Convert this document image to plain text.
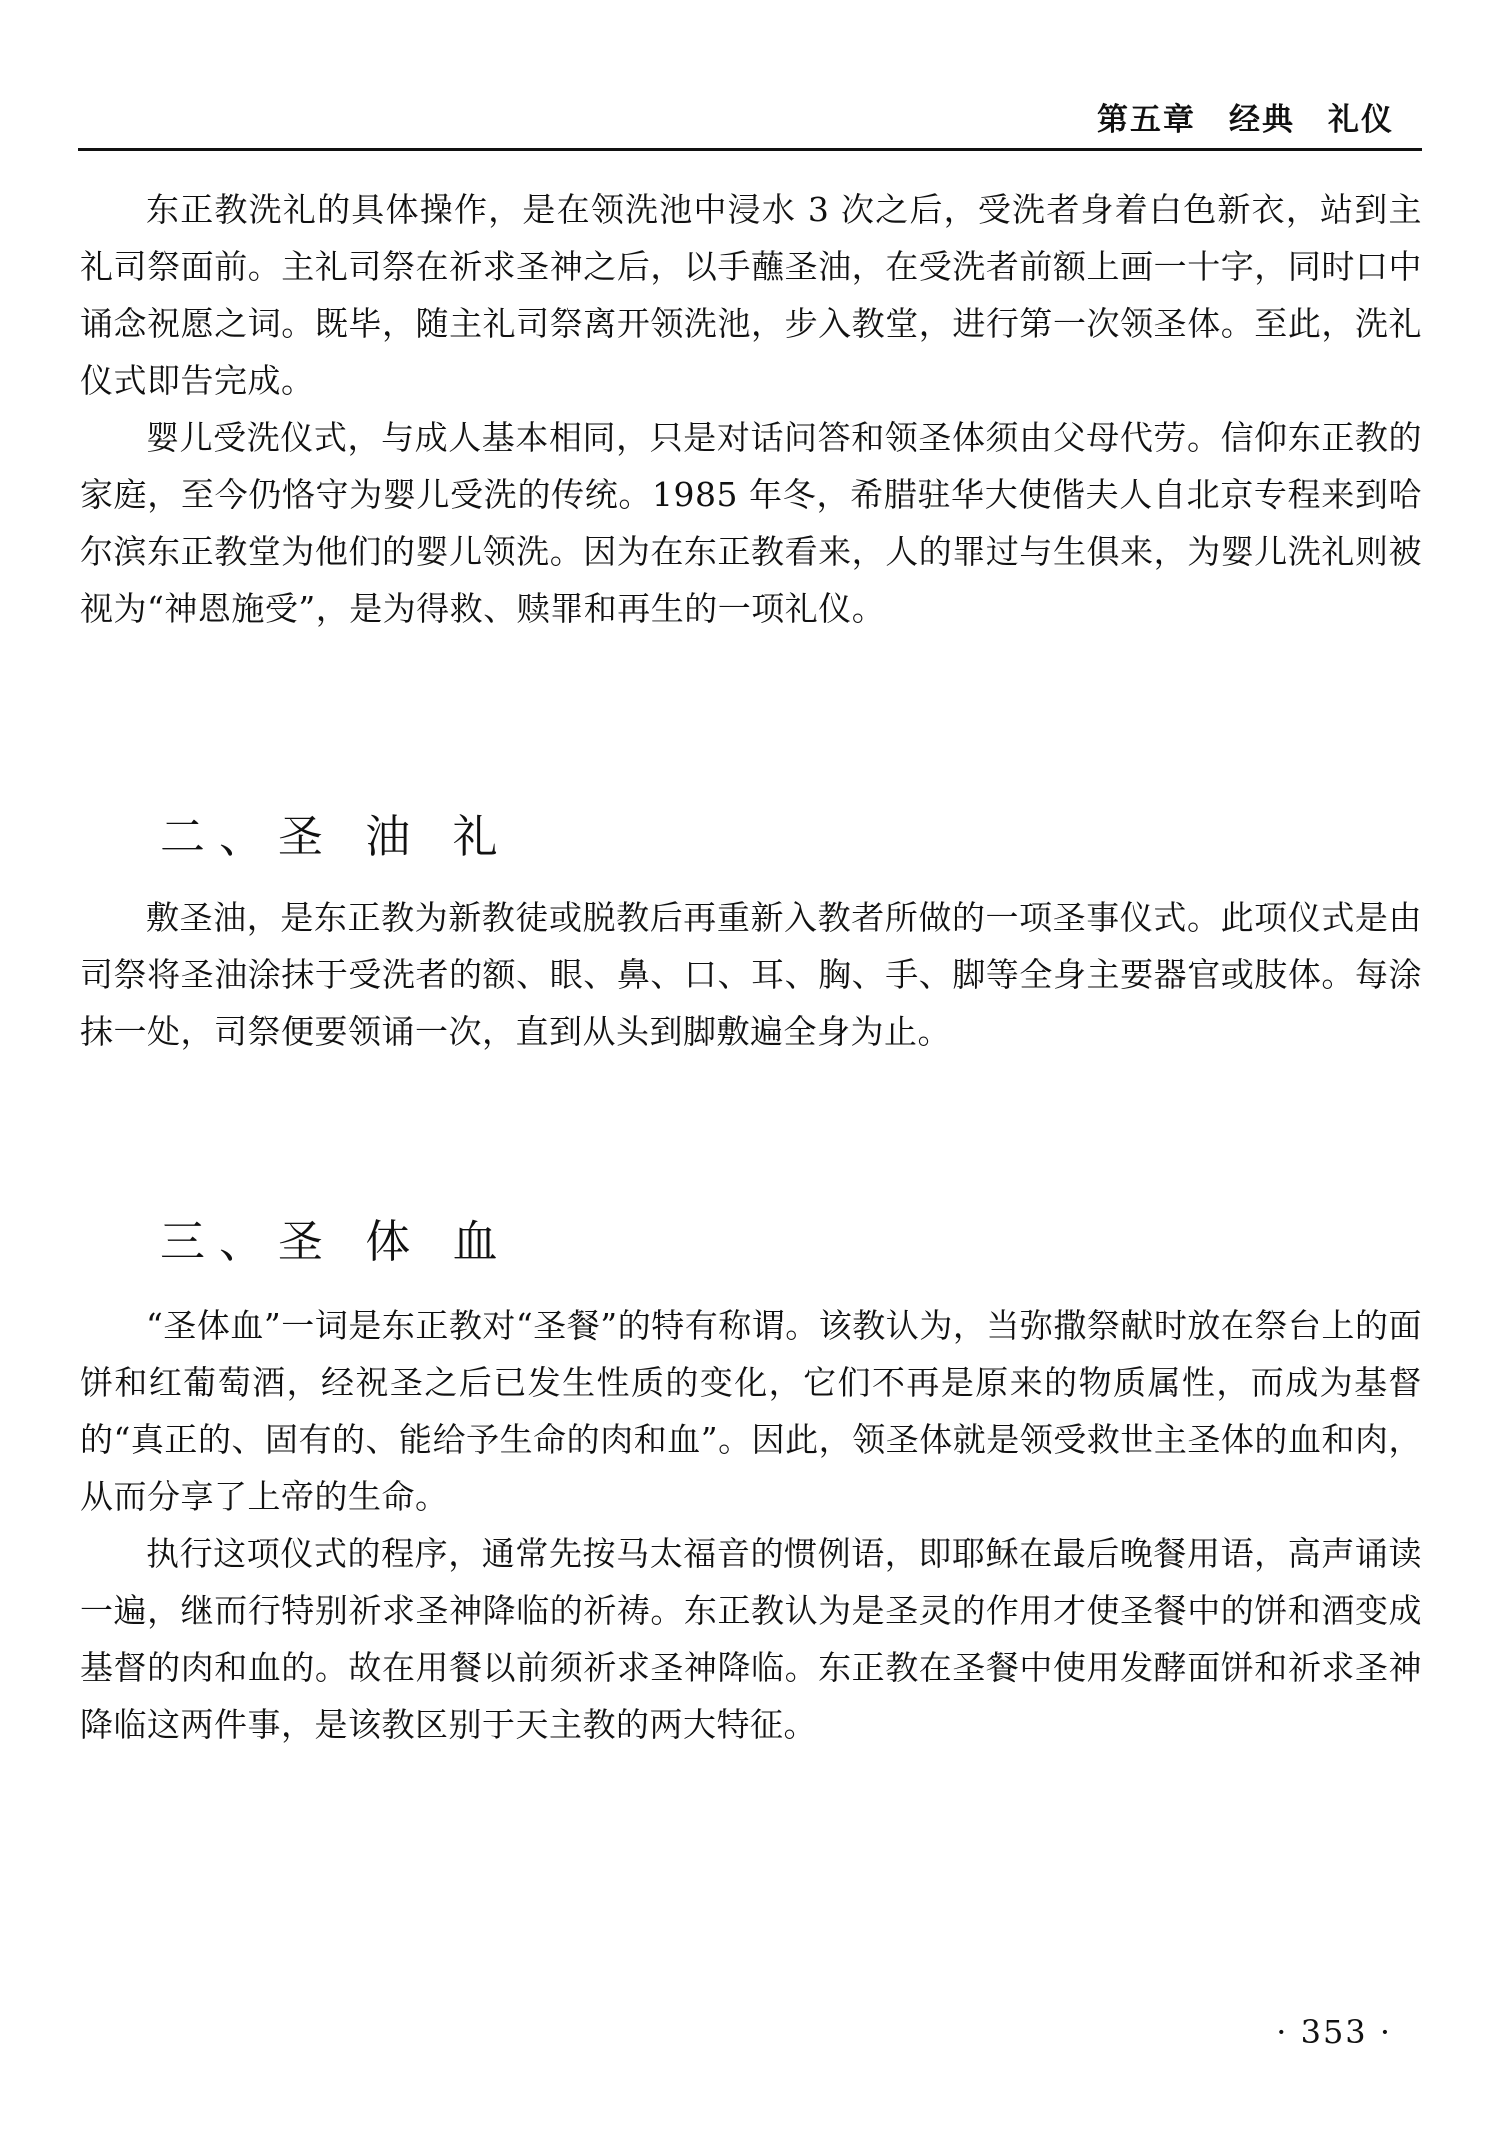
第五章　经典　礼仪

东正教洗礼的具体操作，是在领洗池中浸水 3 次之后，受洗者身着白色新衣，站到主礼司祭面前。主礼司祭在祈求圣神之后，以手蘸圣油，在受洗者前额上画一十字，同时口中诵念祝愿之词。既毕，随主礼司祭离开领洗池，步入教堂，进行第一次领圣体。至此，洗礼仪式即告完成。

婴儿受洗仪式，与成人基本相同，只是对话问答和领圣体须由父母代劳。信仰东正教的家庭，至今仍恪守为婴儿受洗的传统。1985 年冬，希腊驻华大使偕夫人自北京专程来到哈尔滨东正教堂为他们的婴儿领洗。因为在东正教看来，人的罪过与生俱来，为婴儿洗礼则被视为“神恩施受”，是为得救、赎罪和再生的一项礼仪。

二、圣 油 礼

敷圣油，是东正教为新教徒或脱教后再重新入教者所做的一项圣事仪式。此项仪式是由司祭将圣油涂抹于受洗者的额、眼、鼻、口、耳、胸、手、脚等全身主要器官或肢体。每涂抹一处，司祭便要领诵一次，直到从头到脚敷遍全身为止。

三、圣 体 血

“圣体血”一词是东正教对“圣餐”的特有称谓。该教认为，当弥撒祭献时放在祭台上的面饼和红葡萄酒，经祝圣之后已发生性质的变化，它们不再是原来的物质属性，而成为基督的“真正的、固有的、能给予生命的肉和血”。因此，领圣体就是领受救世主圣体的血和肉，从而分享了上帝的生命。

执行这项仪式的程序，通常先按马太福音的惯例语，即耶稣在最后晚餐用语，高声诵读一遍，继而行特别祈求圣神降临的祈祷。东正教认为是圣灵的作用才使圣餐中的饼和酒变成基督的肉和血的。故在用餐以前须祈求圣神降临。东正教在圣餐中使用发酵面饼和祈求圣神降临这两件事，是该教区别于天主教的两大特征。

· 353 ·
